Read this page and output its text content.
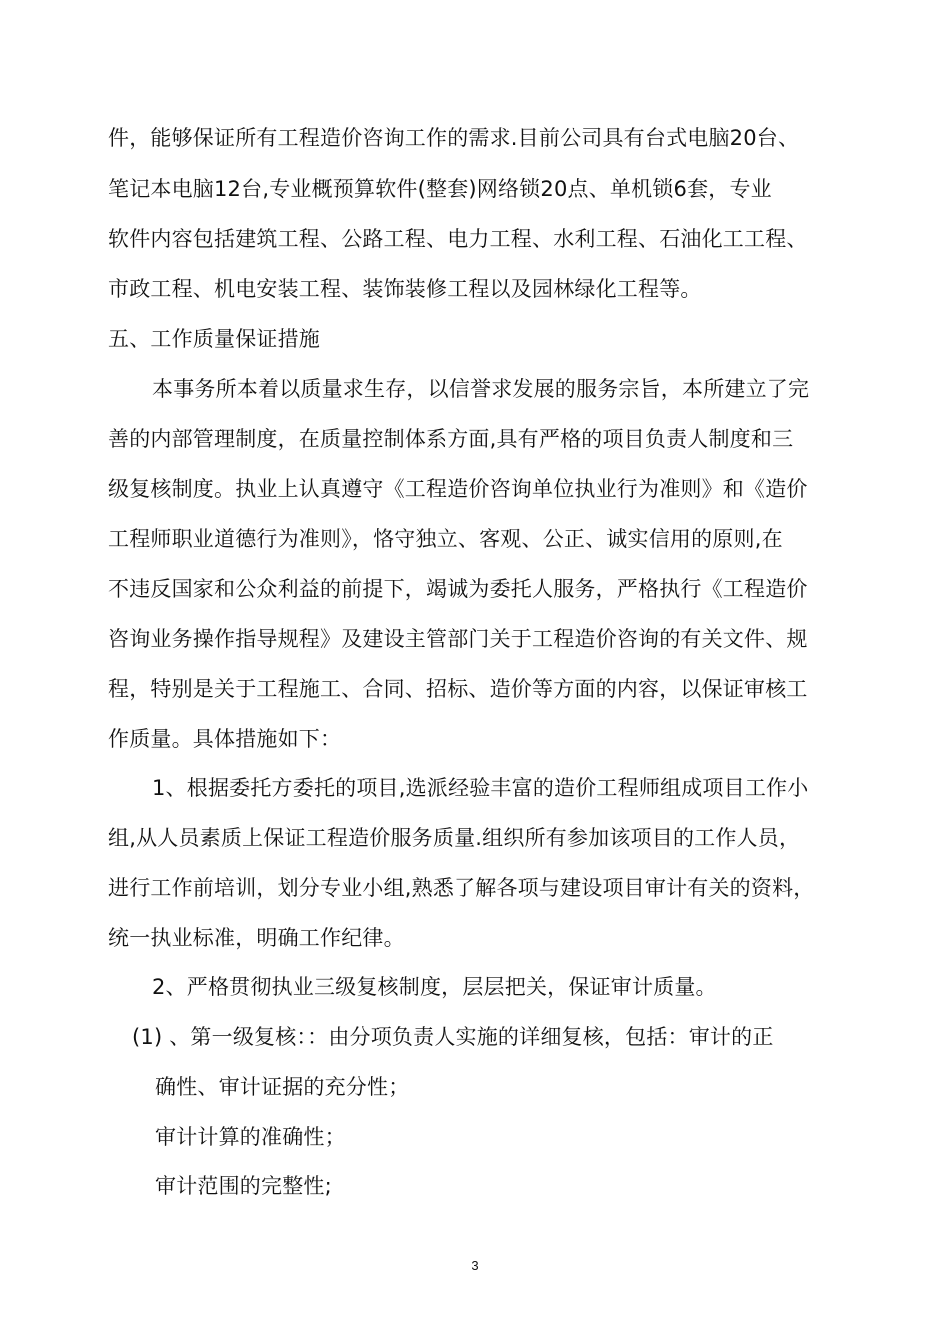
件，能够保证所有工程造价咨询工作的需求.目前公司具有台式电脑20台、
笔记本电脑12台,专业概预算软件(整套)网络锁20点、单机锁6套，专业
软件内容包括建筑工程、公路工程、电力工程、水利工程、石油化工工程、
市政工程、机电安装工程、装饰装修工程以及园林绿化工程等。
五、工作质量保证措施
本事务所本着以质量求生存，以信誉求发展的服务宗旨，本所建立了完
善的内部管理制度，在质量控制体系方面,具有严格的项目负责人制度和三
级复核制度。执业上认真遵守《工程造价咨询单位执业行为准则》和《造价
工程师职业道德行为准则》，恪守独立、客观、公正、诚实信用的原则,在
不违反国家和公众利益的前提下，竭诚为委托人服务，严格执行《工程造价
咨询业务操作指导规程》及建设主管部门关于工程造价咨询的有关文件、规
程，特别是关于工程施工、合同、招标、造价等方面的内容，以保证审核工
作质量。具体措施如下：
1、根据委托方委托的项目,选派经验丰富的造价工程师组成项目工作小
组,从人员素质上保证工程造价服务质量.组织所有参加该项目的工作人员，
进行工作前培训，划分专业小组,熟悉了解各项与建设项目审计有关的资料，
统一执业标准，明确工作纪律。
2、严格贯彻执业三级复核制度，层层把关，保证审计质量。
(1) 、第一级复核：：由分项负责人实施的详细复核，包括：审计的正
确性、审计证据的充分性；
审计计算的准确性；
审计范围的完整性;
3
